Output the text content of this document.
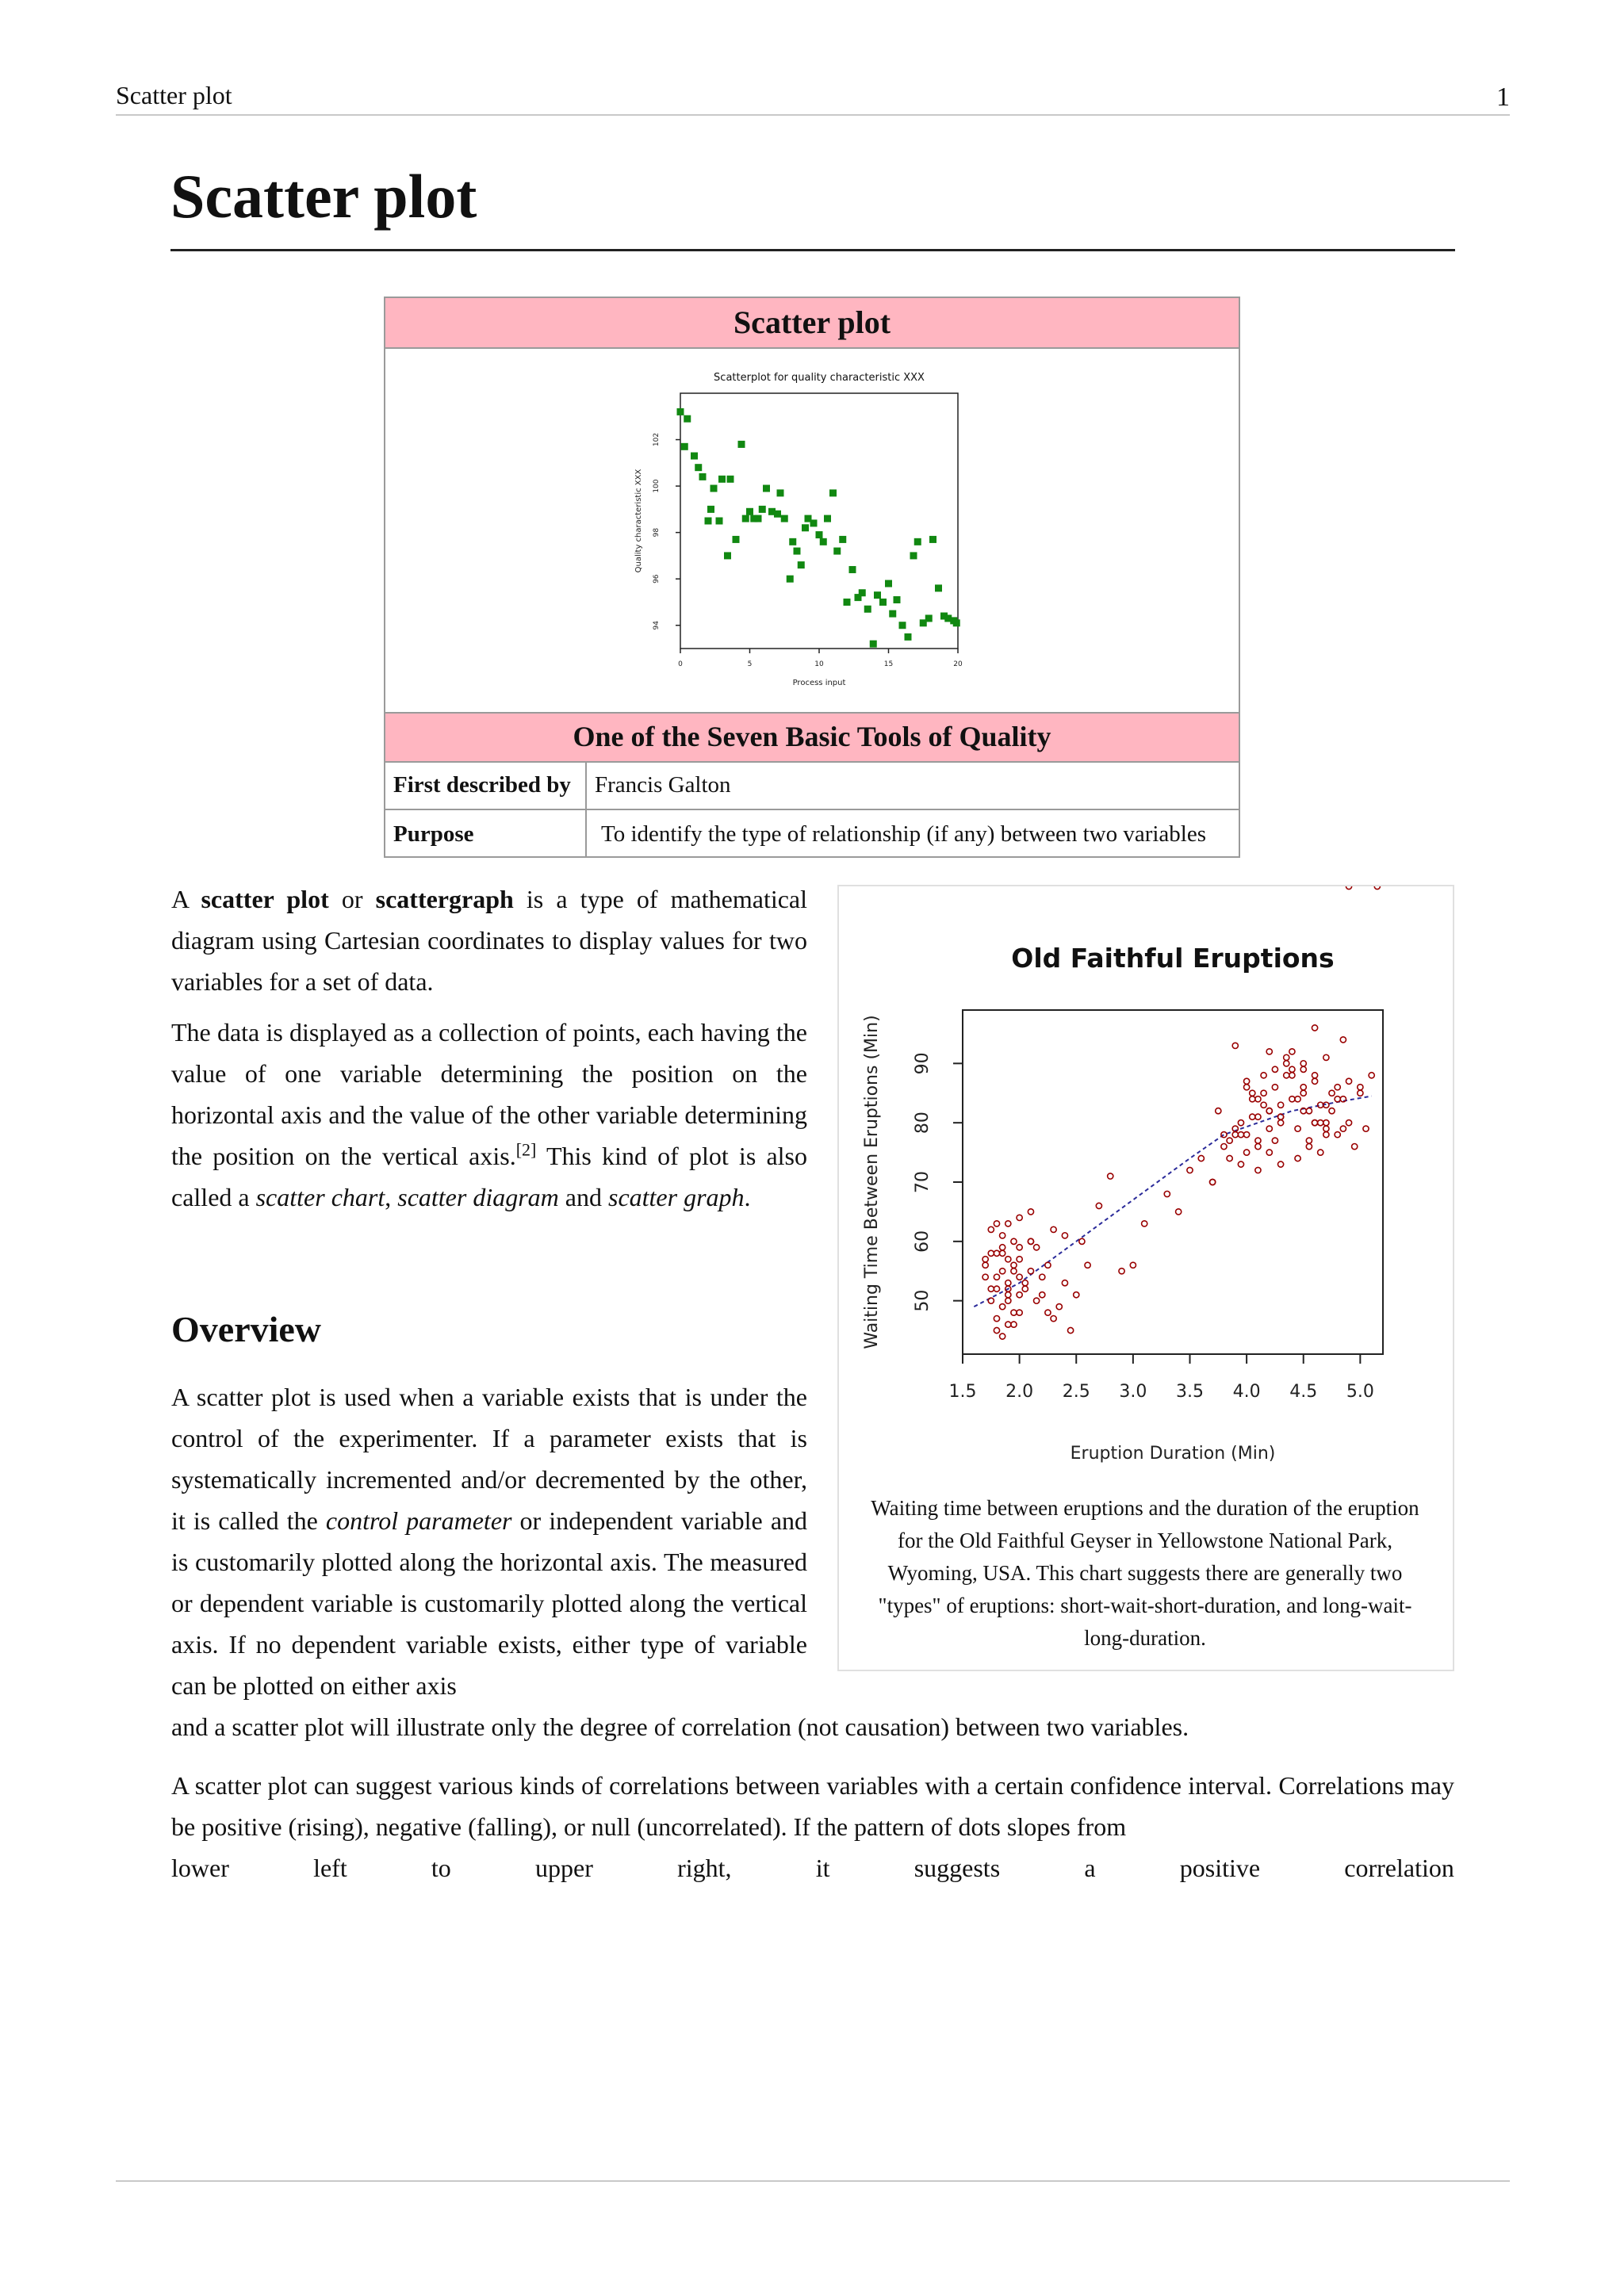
Scatter plot	1
Scatter plot
Scatter plot
Scatterplot for quality characteristic XXX
0	5	10	15	20
94
96
98
100
102
Process input
Quality characteristic XXX
One of the Seven Basic Tools of Quality
First described by Francis Galton
Purpose	To identify the type of relationship (if any) between two variables

A scatter plot or scattergraph is a type of mathematical diagram using Cartesian coordinates to display values for two variables for a set of data.

The data is displayed as a collection of points, each having the value of one variable determining the position on the horizontal axis and the value of the other variable determining the position on the vertical axis.[2] This kind of plot is also called a scatter chart, scatter diagram and scatter graph.

Overview

A scatter plot is used when a variable exists that is under the control of the experimenter. If a parameter exists that is systematically incremented and/or decremented by the other, it is called the control parameter or independent variable and is customarily plotted along the horizontal axis. The measured or dependent variable is customarily plotted along the vertical axis. If no dependent variable exists, either type of variable can be plotted on either axis

and a scatter plot will illustrate only the degree of correlation (not causation) between two variables.

A scatter plot can suggest various kinds of correlations between variables with a certain confidence interval. Correlations may be positive (rising), negative (falling), or null (uncorrelated). If the pattern of dots slopes from

lower	left	to	upper	right,	it	suggests	a	positive	correlation
Old Faithful Eruptions
1.5 2.0 2.5 3.0 3.5 4.0 4.5 5.0
50
60
70
80
90
Eruption Duration (Min)
Waiting Time Between Eruptions (Min)
Waiting time between eruptions and the duration of the eruption for the Old Faithful Geyser in Yellowstone National Park, Wyoming, USA. This chart suggests there are generally two "types" of eruptions: short-wait-short-duration, and long-wait-long-duration.
